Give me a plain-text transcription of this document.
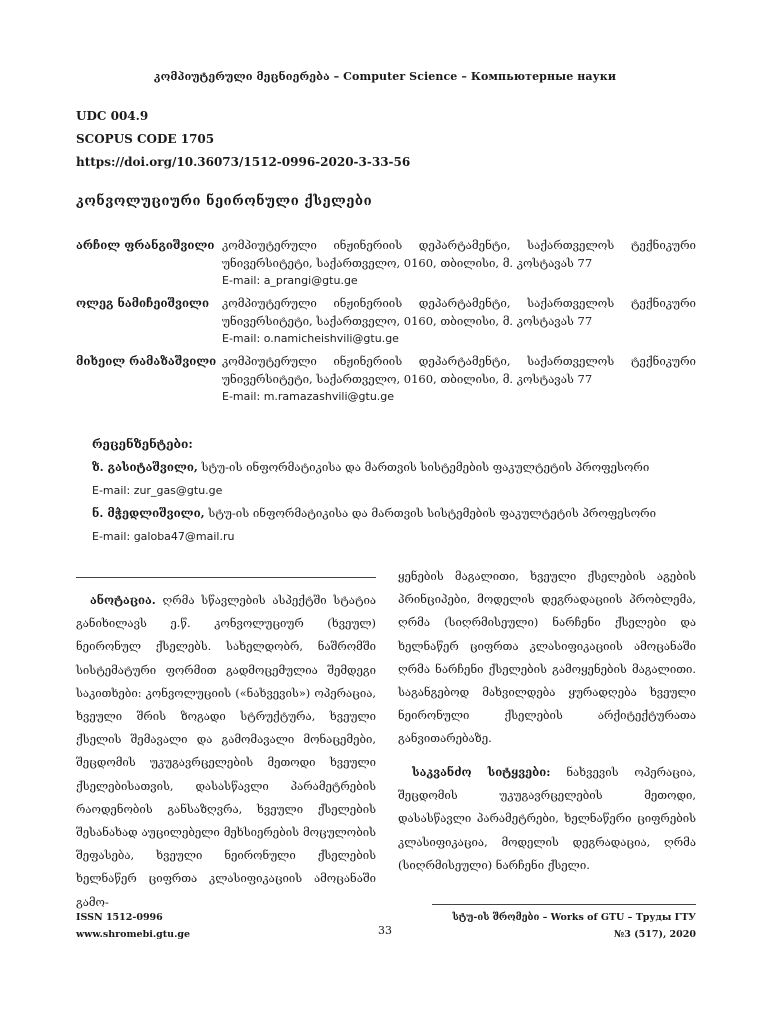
კომპიუტერული მეცნიერება – Computer Science – Компьютерные науки
UDC 004.9
SCOPUS CODE 1705
https://doi.org/10.36073/1512-0996-2020-3-33-56
კონვოლუციური ნეირონული ქსელები
არჩილ ფრანგიშვილი კომპიუტერული ინჟინერიის დეპარტამენტი, საქართველოს ტექნიკური
უნივერსიტეტი, საქართველო, 0160, თბილისი, მ. კოსტავას 77
E-mail: a_prangi@gtu.ge
ოლეგ ნამიჩეიშვილი	კომპიუტერული ინჟინერიის დეპარტამენტი, საქართველოს ტექნიკური
უნივერსიტეტი, საქართველო, 0160, თბილისი, მ. კოსტავას 77
E-mail: o.namicheishvili@gtu.ge
მიხეილ რამაზაშვილი კომპიუტერული ინჟინერიის დეპარტამენტი, საქართველოს ტექნიკური
უნივერსიტეტი, საქართველო, 0160, თბილისი, მ. კოსტავას 77
E-mail: m.ramazashvili@gtu.ge
რეცენზენტები:
ზ. გასიტაშვილი, სტუ-ის ინფორმატიკისა და მართვის სისტემების ფაკულტეტის პროფესორი
E-mail: zur_gas@gtu.ge
ნ. მჭედლიშვილი, სტუ-ის ინფორმატიკისა და მართვის სისტემების ფაკულტეტის პროფესორი
E-mail: galoba47@mail.ru
ანოტაცია. ღრმა სწავლების ასპექტში სტატია განიხილავს ე.წ. კონვოლუციურ (ხვეულ) ნეირონულ ქსელებს. სახელდობრ, ნაშრომში სისტემატური ფორმით გადმოცემულია შემდეგი საკითხები: კონვოლუციის («ნახვევის») ოპერაცია, ხვეული შრის ზოგადი სტრუქტურა, ხვეული ქსელის შემავალი და გამომავალი მონაცემები, შეცდომის უკუგავრცელების მეთოდი ხვეული ქსელებისათვის, დასასწავლი პარამეტრების რაოდენობის განსაზღვრა, ხვეული ქსელების შესანახად აუცილებელი მეხსიერების მოცულობის შეფასება, ხვეული ნეირონული ქსელების ხელნაწერ ციფრთა კლასიფიკაციის ამოცანაში გამო-
ყენების მაგალითი, ხვეული ქსელების აგების პრინციპები, მოდელის დეგრადაციის პრობლემა, ღრმა (სიღრმისეული) ნარჩენი ქსელები და ხელნაწერ ციფრთა კლასიფიკაციის ამოცანაში ღრმა ნარჩენი ქსელების გამოყენების მაგალითი. საგანგებოდ მახვილდება ყურადღება ხვეული ნეირონული ქსელების არქიტექტურათა განვითარებაზე.
საკვანძო სიტყვები: ნახვევის ოპერაცია, შეცდომის უკუგავრცელების მეთოდი, დასასწავლი პარამეტრები, ხელნაწერი ციფრების კლასიფიკაცია, მოდელის დეგრადაცია, ღრმა (სიღრმისეული) ნარჩენი ქსელი.
ISSN 1512-0996
www.shromebi.gtu.ge	33
სტუ-ის შრომები – Works of GTU – Труды ГТУ
№3 (517), 2020
